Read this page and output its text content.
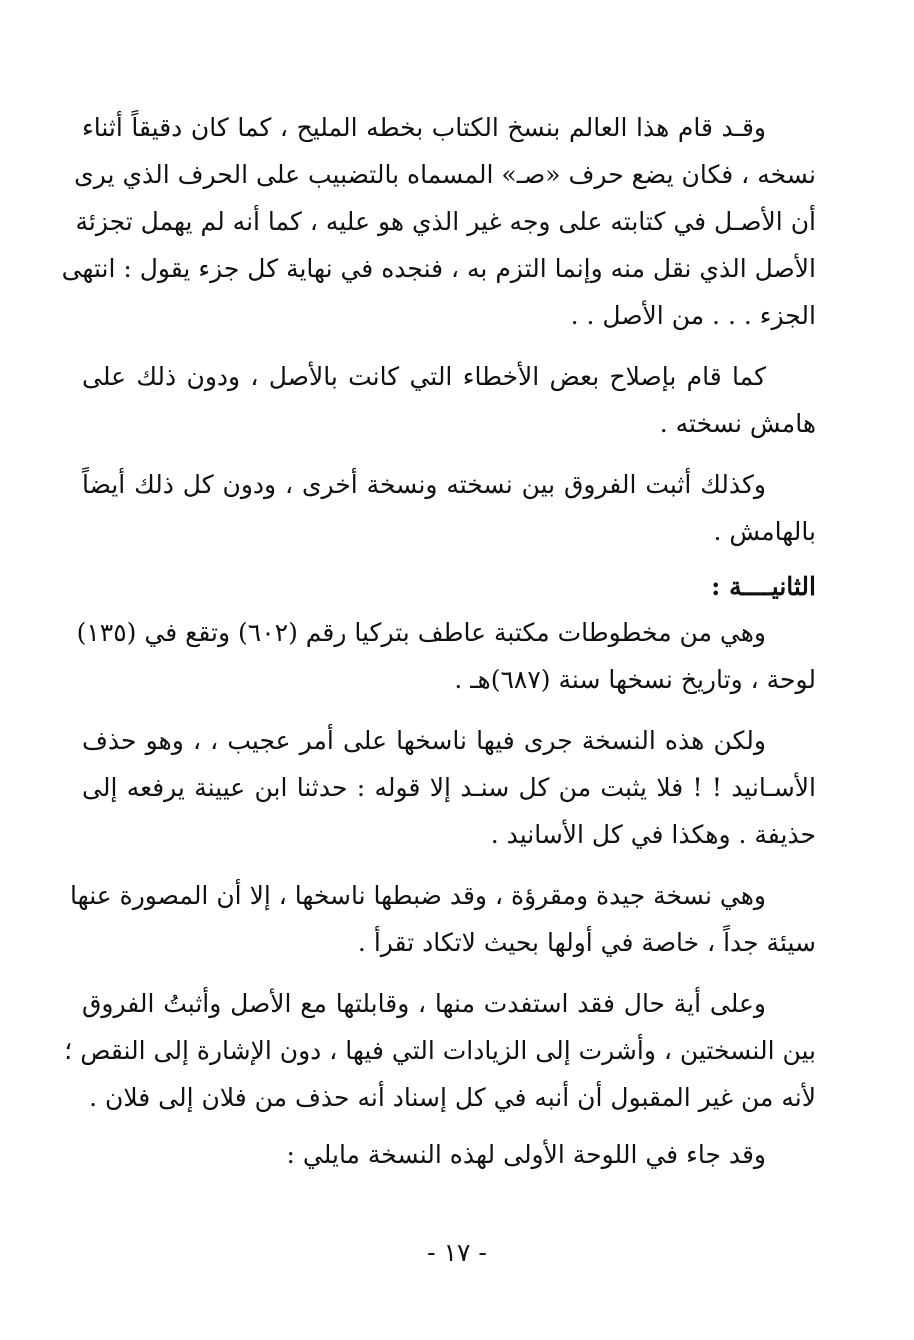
وقـد قام هذا العالم بنسخ الكتاب بخطه المليح ، كما كان دقيقاً أثناء
نسخه ، فكان يضع حرف «صـ» المسماه بالتضبيب على الحرف الذي يرى
أن الأصـل في كتابته على وجه غير الذي هو عليه ، كما أنه لم يهمل تجزئة
الأصل الذي نقل منه وإنما التزم به ، فنجده في نهاية كل جزء يقول : انتهى
الجزء . . . من الأصل . .

كما قام بإصلاح بعض الأخطاء التي كانت بالأصل ، ودون ذلك على
هامش نسخته .

وكذلك أثبت الفروق بين نسخته ونسخة أخرى ، ودون كل ذلك أيضاً
بالهامش .

الثانيــــة :

وهي من مخطوطات مكتبة عاطف بتركيا رقم (٦٠٢) وتقع في (١٣٥)
لوحة ، وتاريخ نسخها سنة (٦٨٧)هـ .

ولكن هذه النسخة جرى فيها ناسخها على أمر عجيب ، ، وهو حذف
الأسـانيد ! ! فلا يثبت من كل سنـد إلا قوله : حدثنا ابن عيينة يرفعه إلى
حذيفة . وهكذا في كل الأسانيد .

وهي نسخة جيدة ومقرؤة ، وقد ضبطها ناسخها ، إلا أن المصورة عنها
سيئة جداً ، خاصة في أولها بحيث لاتكاد تقرأ .

وعلى أية حال فقد استفدت منها ، وقابلتها مع الأصل وأثبتُ الفروق
بين النسختين ، وأشرت إلى الزيادات التي فيها ، دون الإشارة إلى النقص ؛
لأنه من غير المقبول أن أنبه في كل إسناد أنه حذف من فلان إلى فلان .

وقد جاء في اللوحة الأولى لهذه النسخة مايلي :

- ١٧ -
